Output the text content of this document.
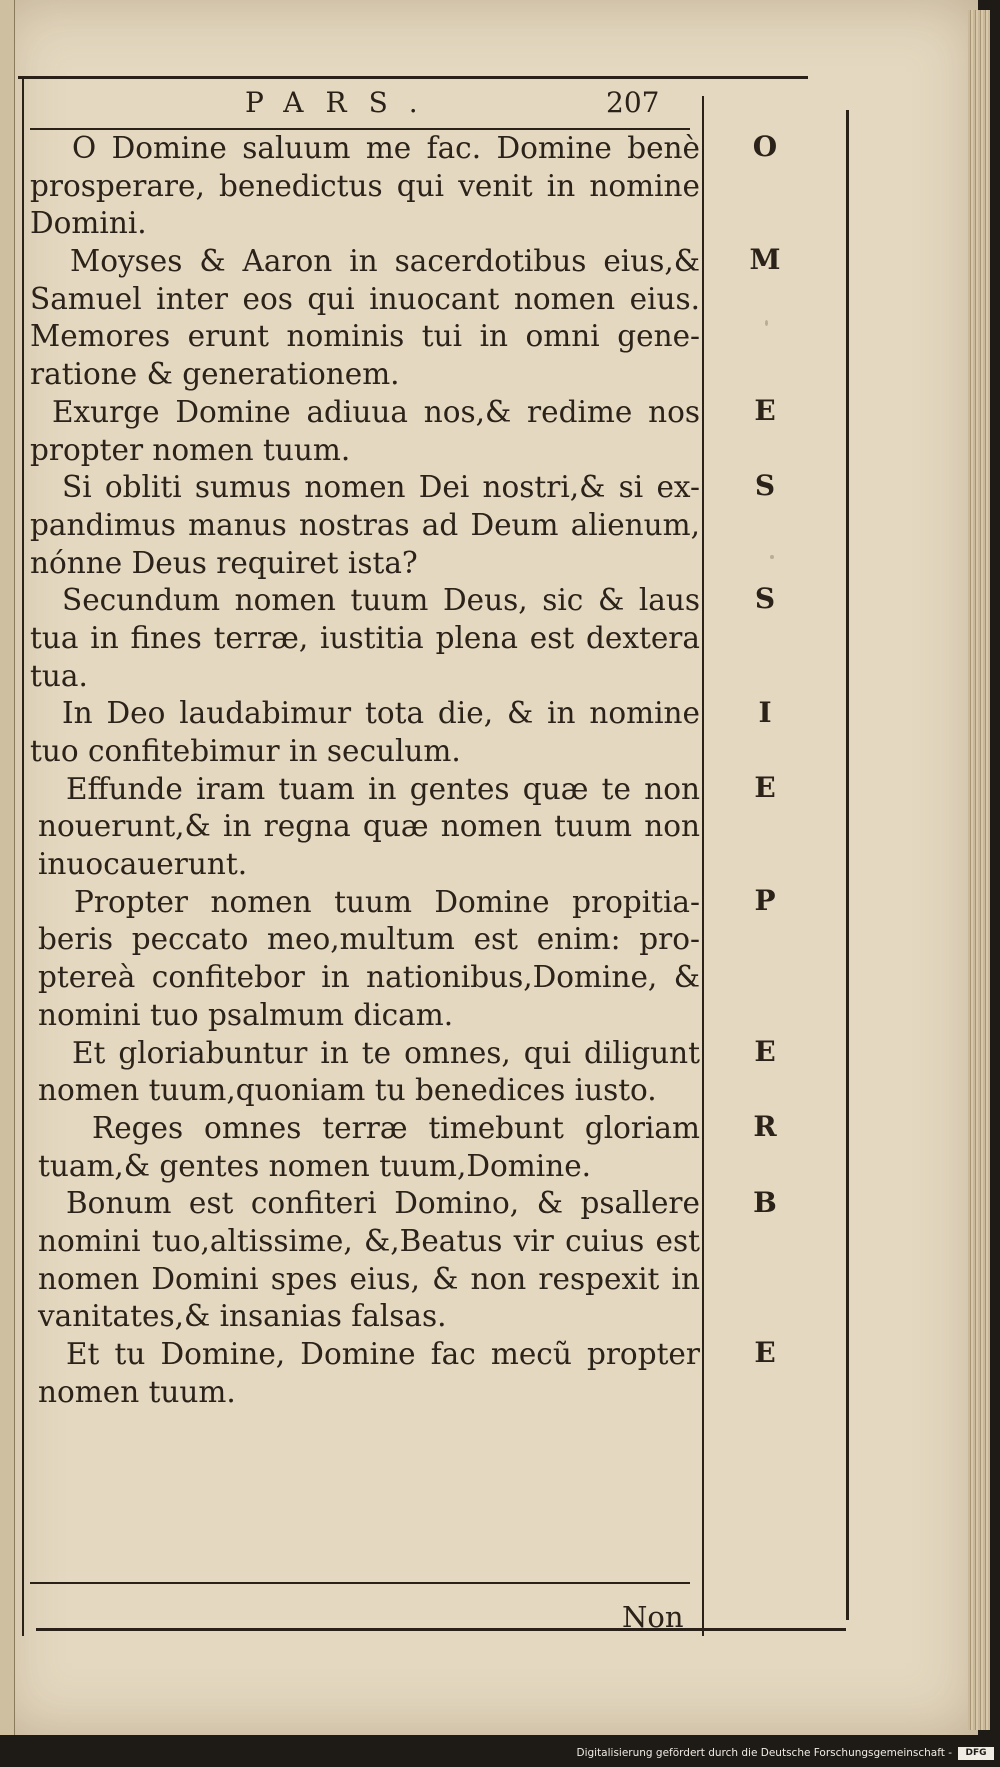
PARS.	207
O Domine saluum me fac. Domine benè
prosperare, benedictus qui venit in nomine
Domini.
Moyses & Aaron in sacerdotibus eius,&
Samuel inter eos qui inuocant nomen eius.
Memores erunt nominis tui in omni gene-
ratione & generationem.
Exurge Domine adiuua nos,& redime nos
propter nomen tuum.
Si obliti sumus nomen Dei nostri,& si ex-
pandimus manus nostras ad Deum alienum,
nónne Deus requiret ista?
Secundum nomen tuum Deus, sic & laus
tua in fines terræ, iustitia plena est dextera
tua.
In Deo laudabimur tota die, & in nomine
tuo confitebimur in seculum.
Effunde iram tuam in gentes quæ te non
nouerunt,& in regna quæ nomen tuum non
inuocauerunt.
Propter nomen tuum Domine propitia-
beris peccato meo,multum est enim: pro-
ptereà confitebor in nationibus,Domine, &
nomini tuo psalmum dicam.
Et gloriabuntur in te omnes, qui diligunt
nomen tuum,quoniam tu benedices iusto.
Reges omnes terræ timebunt gloriam
tuam,& gentes nomen tuum,Domine.
Bonum est confiteri Domino, & psallere
nomini tuo,altissime, &,Beatus vir cuius est
nomen Domini spes eius, & non respexit in
vanitates,& insanias falsas.
Et tu Domine, Domine fac mecũ propter
nomen tuum.
O
M
E
S
S
I
E
P
E
R
B
E
Non
Digitalisierung gefördert durch die Deutsche Forschungsgemeinschaft -	DFG
